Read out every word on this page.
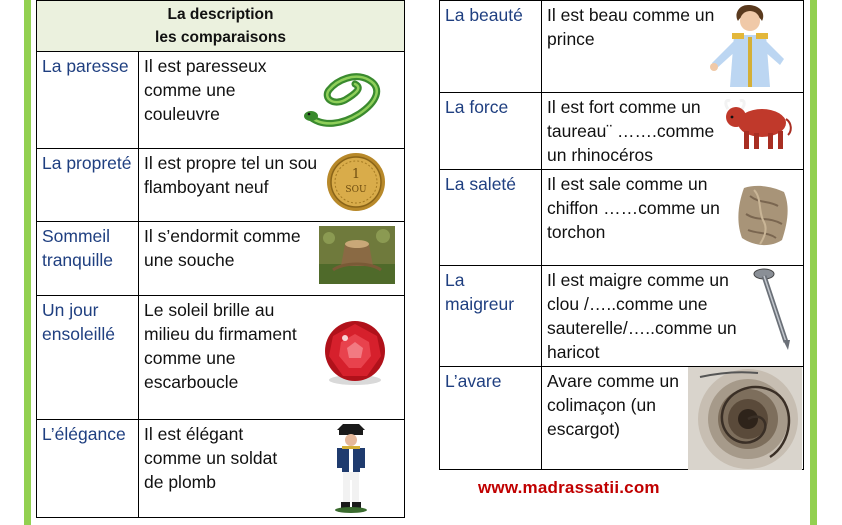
La description
les comparaisons	

La paresse	Il est paresseux comme une couleuvre

La propreté	Il est propre tel un sou flamboyant neuf
1
SOU

Sommeil tranquille	Il s’endormit comme une souche

Un jour ensoleillé	Le soleil brille au milieu du firmament comme une escarboucle

L’élégance	Il est élégant comme un soldat de plomb
La beauté	Il est beau comme un prince

La force	Il est fort comme un taureau¨ …….comme un rhinocéros

La saleté	Il est sale comme un chiffon ……comme un torchon

La maigreur	Il est maigre comme un clou /…..comme une sauterelle/…..comme un haricot

L’avare	Avare comme un colimaçon (un escargot)
www.madrassatii.com
